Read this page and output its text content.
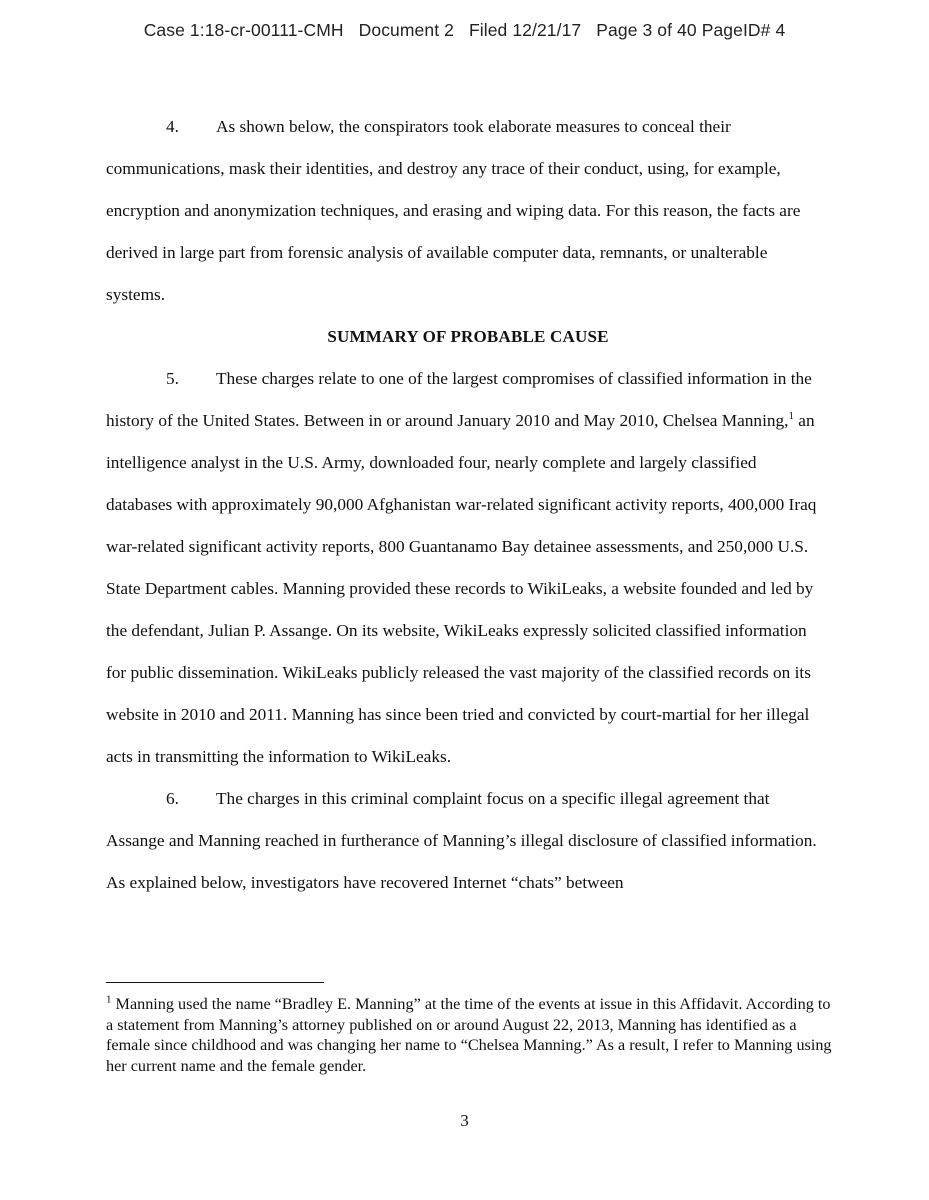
Case 1:18-cr-00111-CMH Document 2 Filed 12/21/17 Page 3 of 40 PageID# 4

4. As shown below, the conspirators took elaborate measures to conceal their communications, mask their identities, and destroy any trace of their conduct, using, for example, encryption and anonymization techniques, and erasing and wiping data. For this reason, the facts are derived in large part from forensic analysis of available computer data, remnants, or unalterable systems.

SUMMARY OF PROBABLE CAUSE

5. These charges relate to one of the largest compromises of classified information in the history of the United States. Between in or around January 2010 and May 2010, Chelsea Manning,$^1$ an intelligence analyst in the U.S. Army, downloaded four, nearly complete and largely classified databases with approximately 90,000 Afghanistan war-related significant activity reports, 400,000 Iraq war-related significant activity reports, 800 Guantanamo Bay detainee assessments, and 250,000 U.S. State Department cables. Manning provided these records to WikiLeaks, a website founded and led by the defendant, Julian P. Assange. On its website, WikiLeaks expressly solicited classified information for public dissemination. WikiLeaks publicly released the vast majority of the classified records on its website in 2010 and 2011. Manning has since been tried and convicted by court-martial for her illegal acts in transmitting the information to WikiLeaks.

6. The charges in this criminal complaint focus on a specific illegal agreement that Assange and Manning reached in furtherance of Manning’s illegal disclosure of classified information. As explained below, investigators have recovered Internet “chats” between

$^1$ Manning used the name “Bradley E. Manning” at the time of the events at issue in this Affidavit. According to a statement from Manning’s attorney published on or around August 22, 2013, Manning has identified as a female since childhood and was changing her name to “Chelsea Manning.” As a result, I refer to Manning using her current name and the female gender.

3
